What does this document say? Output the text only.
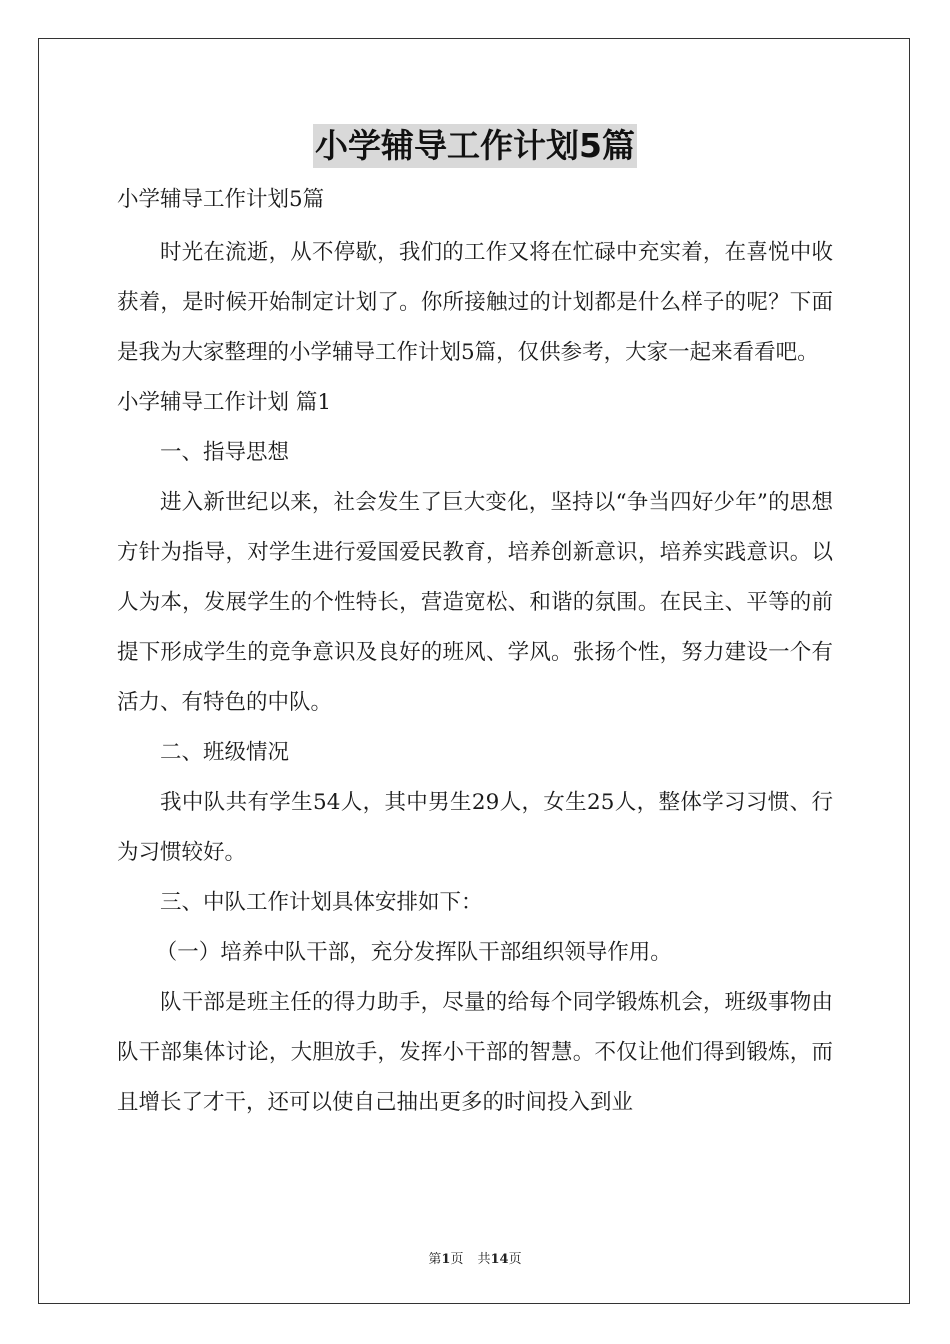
小学辅导工作计划5篇

小学辅导工作计划5篇

时光在流逝，从不停歇，我们的工作又将在忙碌中充实着，在喜悦中收获着，是时候开始制定计划了。你所接触过的计划都是什么样子的呢？下面是我为大家整理的小学辅导工作计划5篇，仅供参考，大家一起来看看吧。

小学辅导工作计划 篇1

一、指导思想

进入新世纪以来，社会发生了巨大变化，坚持以“争当四好少年”的思想方针为指导，对学生进行爱国爱民教育，培养创新意识，培养实践意识。以人为本，发展学生的个性特长，营造宽松、和谐的氛围。在民主、平等的前提下形成学生的竞争意识及良好的班风、学风。张扬个性，努力建设一个有活力、有特色的中队。

二、班级情况

我中队共有学生54人，其中男生29人，女生25人，整体学习习惯、行为习惯较好。

三、中队工作计划具体安排如下：

（一）培养中队干部，充分发挥队干部组织领导作用。

队干部是班主任的得力助手，尽量的给每个同学锻炼机会，班级事物由队干部集体讨论，大胆放手，发挥小干部的智慧。不仅让他们得到锻炼，而且增长了才干，还可以使自己抽出更多的时间投入到业

第1页 共14页
